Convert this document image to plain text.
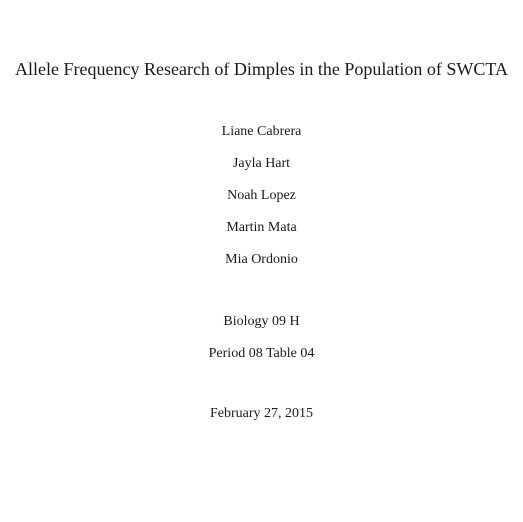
Allele Frequency Research of Dimples in the Population of SWCTA
Liane Cabrera
Jayla Hart
Noah Lopez
Martin Mata
Mia Ordonio
Biology 09 H
Period 08 Table 04
February 27, 2015
